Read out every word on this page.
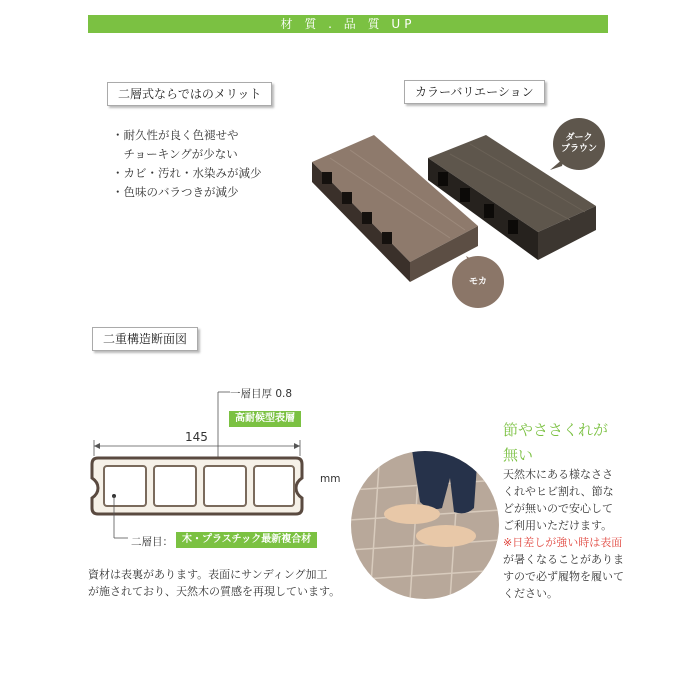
材 質 . 品 質 UP
二層式ならではのメリット
・耐久性が良く色褪せや
　チョーキングが少ない
・カビ・汚れ・水染みが減少
・色味のバラつきが減少
カラーバリエーション
ダーク
ブラウン
モカ
二重構造断面図
一層目厚 0.8
高耐候型表層
145
mm
二層目： 木・プラスチック最新複合材
資材は表裏があります。表面にサンディング加工
が施されており、天然木の質感を再現しています。
節やささくれが
無い
天然木にある様なささ
くれやヒビ割れ、節な
どが無いので安心して
ご利用いただけます。
※日差しが強い時は表面
が暑くなることがありま
すので必ず履物を履いて
ください。
